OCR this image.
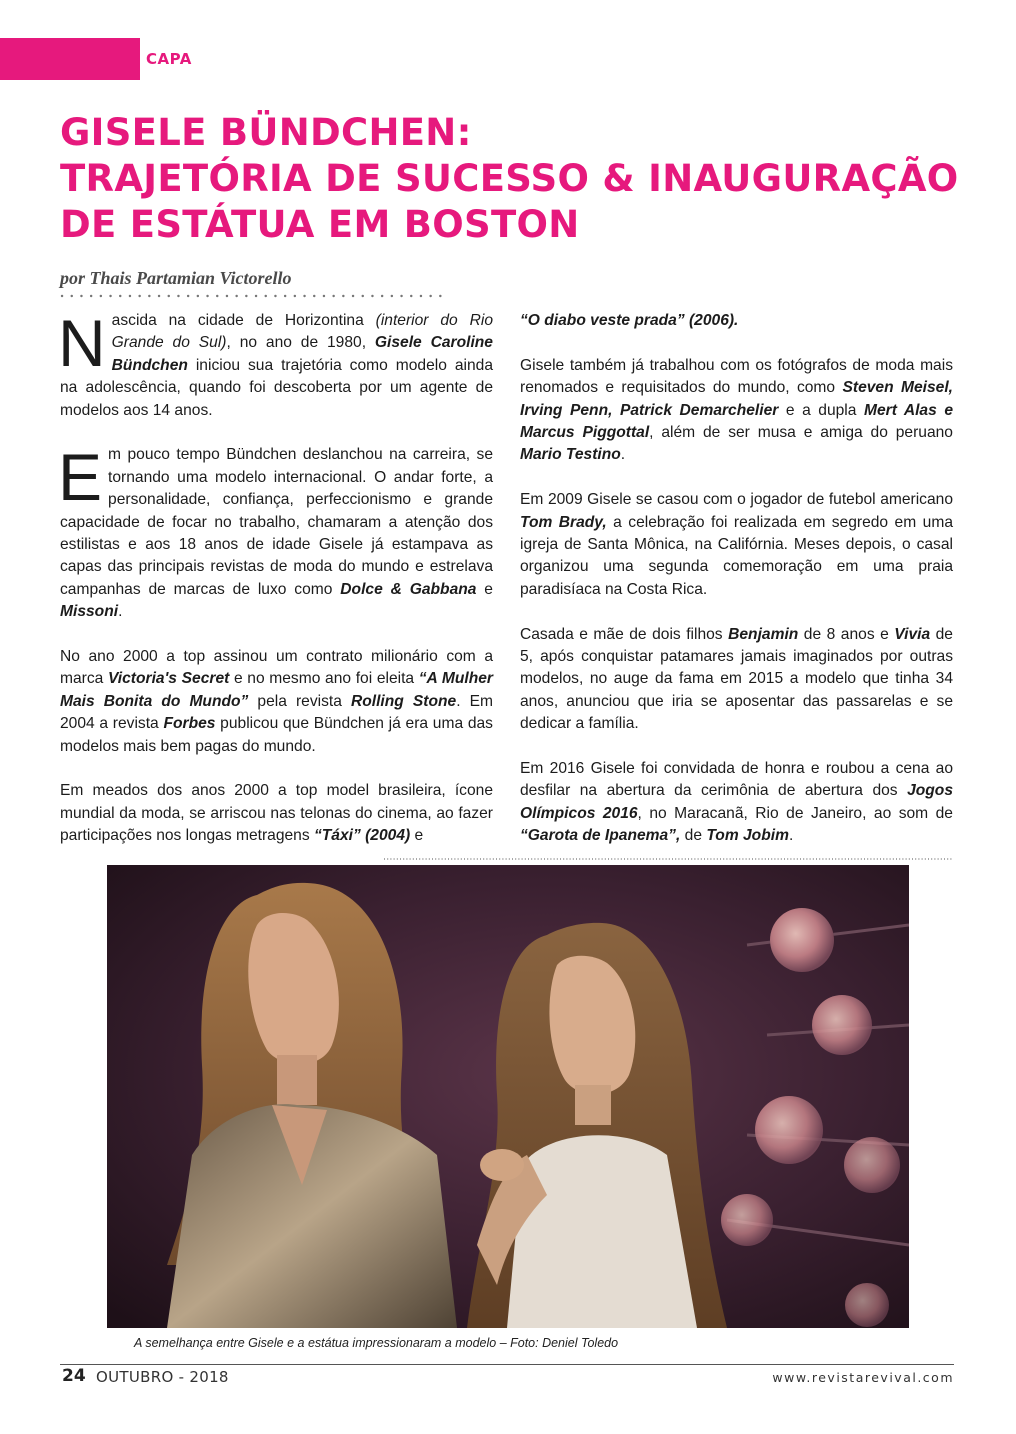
CAPA
GISELE BÜNDCHEN:
TRAJETÓRIA DE SUCESSO & INAUGURAÇÃO
DE ESTÁTUA EM BOSTON
por Thais Partamian Victorello

Nascida na cidade de Horizontina (interior do Rio Grande do Sul), no ano de 1980, Gisele Caroline Bündchen iniciou sua trajetória como modelo ainda na adolescência, quando foi descoberta por um agente de modelos aos 14 anos.

Em pouco tempo Bündchen deslanchou na carreira, se tornando uma modelo internacional. O andar forte, a personalidade, confiança, perfeccionismo e grande capacidade de focar no trabalho, chamaram a atenção dos estilistas e aos 18 anos de idade Gisele já estampava as capas das principais revistas de moda do mundo e estrelava campanhas de marcas de luxo como Dolce & Gabbana e Missoni.

No ano 2000 a top assinou um contrato milionário com a marca Victoria's Secret e no mesmo ano foi eleita “A Mulher Mais Bonita do Mundo” pela revista Rolling Stone. Em 2004 a revista Forbes publicou que Bündchen já era uma das modelos mais bem pagas do mundo.

Em meados dos anos 2000 a top model brasileira, ícone mundial da moda, se arriscou nas telonas do cinema, ao fazer participações nos longas metragens “Táxi” (2004) e

“O diabo veste prada” (2006).

Gisele também já trabalhou com os fotógrafos de moda mais renomados e requisitados do mundo, como Steven Meisel, Irving Penn, Patrick Demarchelier e a dupla Mert Alas e Marcus Piggottal, além de ser musa e amiga do peruano Mario Testino.

Em 2009 Gisele se casou com o jogador de futebol americano Tom Brady, a celebração foi realizada em segredo em uma igreja de Santa Mônica, na Califórnia. Meses depois, o casal organizou uma segunda comemoração em uma praia paradisíaca na Costa Rica.

Casada e mãe de dois filhos Benjamin de 8 anos e Vivia de 5, após conquistar patamares jamais imaginados por outras modelos, no auge da fama em 2015 a modelo que tinha 34 anos, anunciou que iria se aposentar das passarelas e se dedicar a família.

Em 2016 Gisele foi convidada de honra e roubou a cena ao desfilar na abertura da cerimônia de abertura dos Jogos Olímpicos 2016, no Maracanã, Rio de Janeiro, ao som de “Garota de Ipanema”, de Tom Jobim.

A semelhança entre Gisele e a estátua impressionaram a modelo – Foto: Deniel Toledo
24 OUTUBRO - 2018	www.revistarevival.com
